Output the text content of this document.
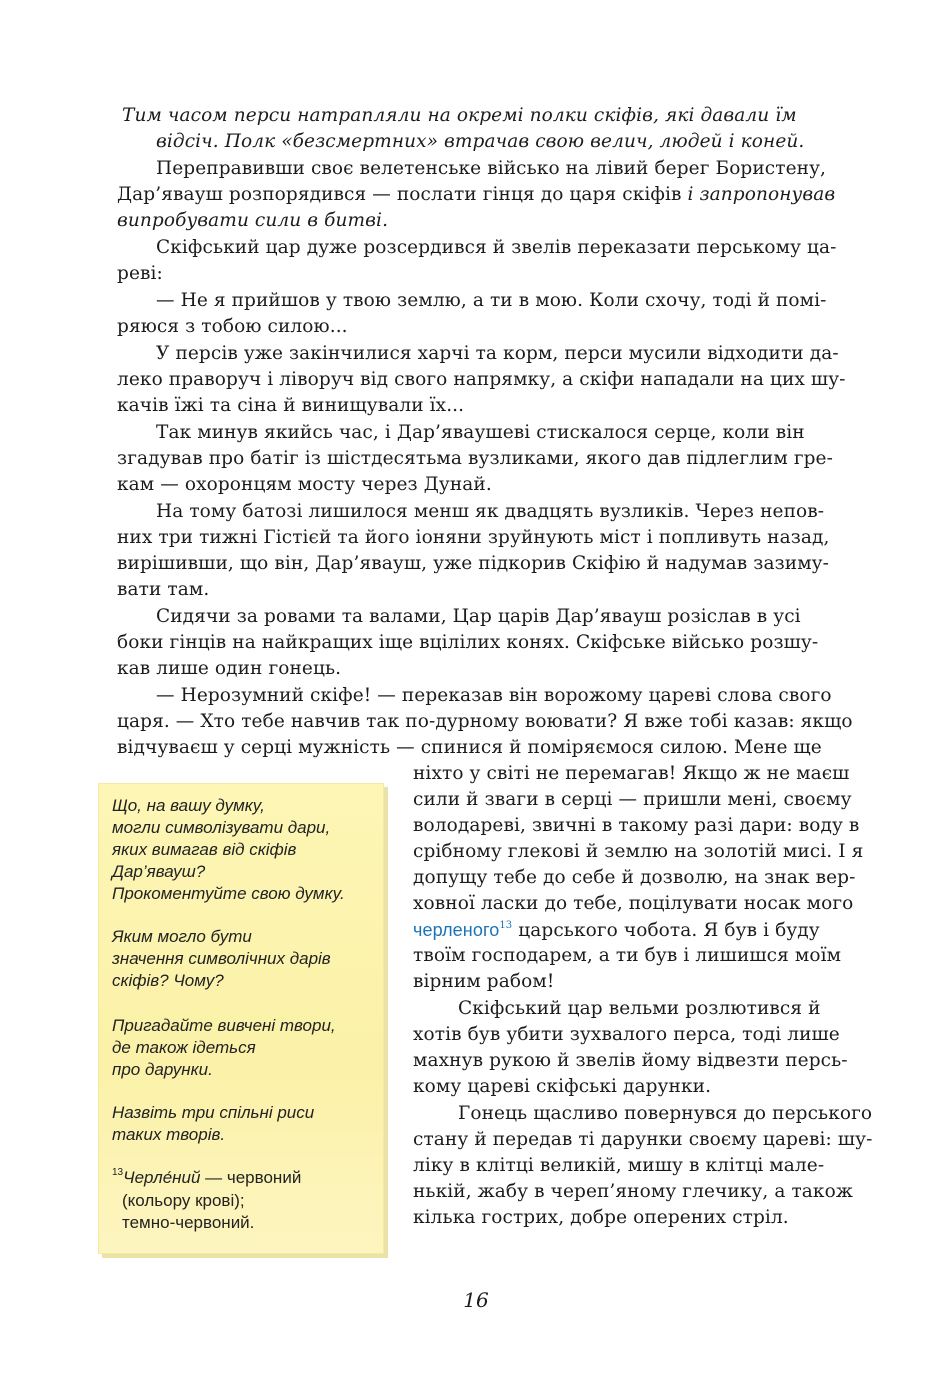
Тим часом перси натрапляли на окремі полки скіфів, які давали їм
відсіч. Полк «безсмертних» втрачав свою велич, людей і коней.
Переправивши своє велетенське військо на лівий берег Бористену,
Дар’явауш розпорядився — послати гінця до царя скіфів і запропонував
випробувати сили в битві.
Скіфський цар дуже розсердився й звелів переказати перському ца-
реві:
— Не я прийшов у твою землю, а ти в мою. Коли схочу, тоді й помі-
ряюся з тобою силою...
У персів уже закінчилися харчі та корм, перси мусили відходити да-
леко праворуч і ліворуч від свого напрямку, а скіфи нападали на цих шу-
качів їжі та сіна й винищували їх...
Так минув якийсь час, і Дар’яваушеві стискалося серце, коли він
згадував про батіг із шістдесятьма вузликами, якого дав підлеглим гре-
кам — охоронцям мосту через Дунай.
На тому батозі лишилося менш як двадцять вузликів. Через непов-
них три тижні Гістієй та його іоняни зруйнують міст і попливуть назад,
вирішивши, що він, Дар’явауш, уже підкорив Скіфію й надумав зазиму-
вати там.
Сидячи за ровами та валами, Цар царів Дар’явауш розіслав в усі
боки гінців на найкращих іще вцілілих конях. Скіфське військо розшу-
кав лише один гонець.
— Нерозумний скіфе! — переказав він ворожому цареві слова свого
царя. — Хто тебе навчив так по-дурному воювати? Я вже тобі казав: якщо
відчуваєш у серці мужність — спинися й поміряємося силою. Мене ще
Що, на вашу думку,
могли символізувати дари,
яких вимагав від скіфів
Дар’явауш?
Прокоментуйте свою думку.
Яким могло бути
значення символічних дарів
скіфів? Чому?
Пригадайте вивчені твори,
де також ідеться
про дарунки.
Назвіть три спільні риси
таких творів.
$^{13}$Черле́ний — червоний
(кольору крові);
темно-червоний.
ніхто у світі не перемагав! Якщо ж не маєш
сили й зваги в серці — пришли мені, своєму
володареві, звичні в такому разі дари: воду в
срібному глекові й землю на золотій мисі. І я
допущу тебе до себе й дозволю, на знак вер-
ховної ласки до тебе, поцілувати носак мого
черленого$^{13}$ царського чобота. Я був і буду
твоїм господарем, а ти був і лишишся моїм
вірним рабом!
Скіфський цар вельми розлютився й
хотів був убити зухвалого перса, тоді лише
махнув рукою й звелів йому відвезти персь-
кому цареві скіфські дарунки.
Гонець щасливо повернувся до перського
стану й передав ті дарунки своєму цареві: шу-
ліку в клітці великій, мишу в клітці мале-
нькій, жабу в череп’яному глечику, а також
кілька гострих, добре оперених стріл.
16
